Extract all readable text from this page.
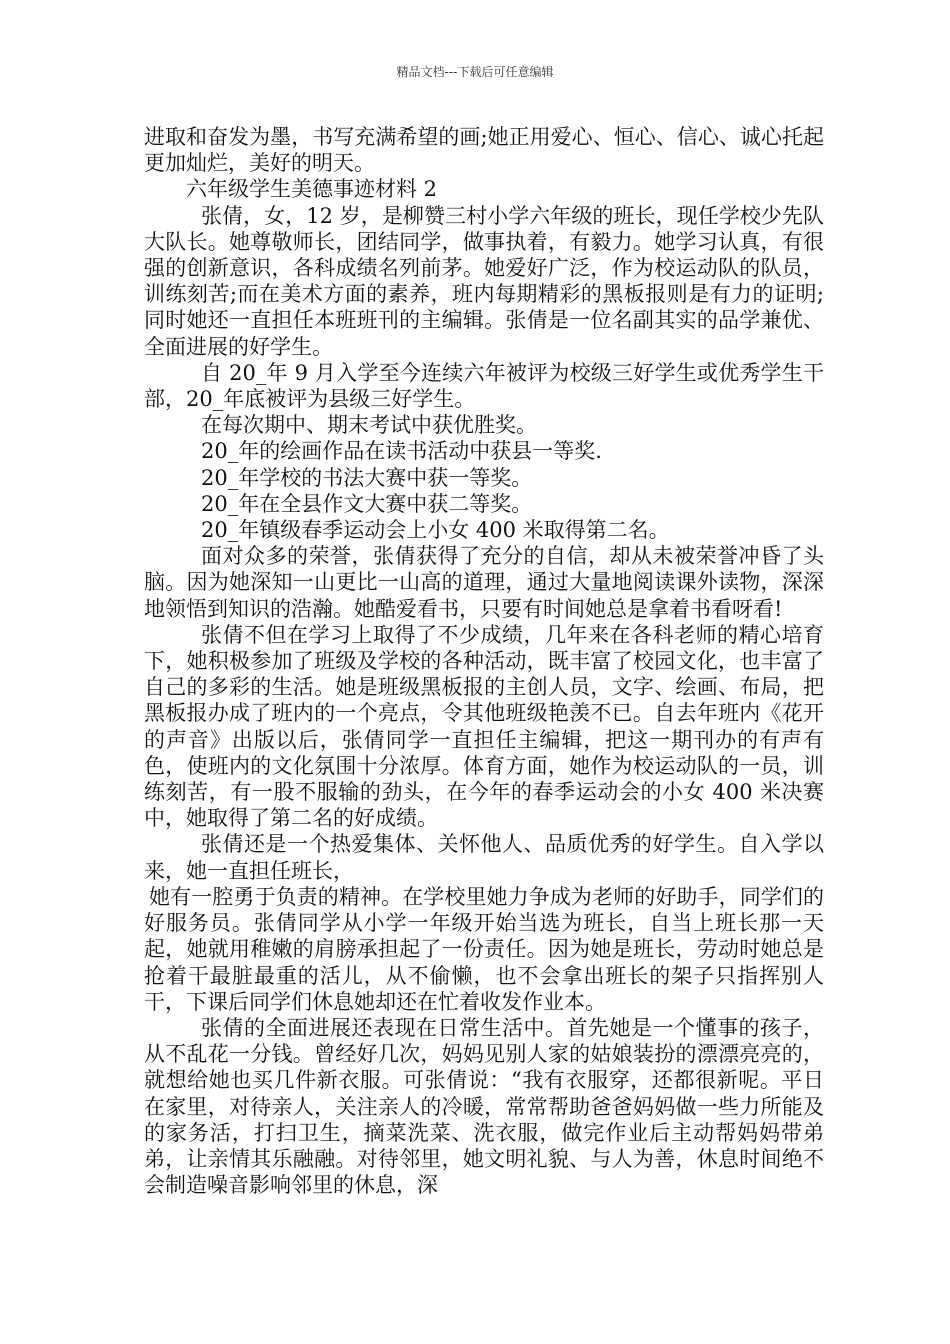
精品文档---下载后可任意编辑

进取和奋发为墨，书写充满希望的画;她正用爱心、恒心、信心、诚心托起更加灿烂，美好的明天。

六年级学生美德事迹材料 2

张倩，女，12 岁，是柳赞三村小学六年级的班长，现任学校少先队大队长。她尊敬师长，团结同学，做事执着，有毅力。她学习认真，有很强的创新意识，各科成绩名列前茅。她爱好广泛，作为校运动队的队员，训练刻苦;而在美术方面的素养，班内每期精彩的黑板报则是有力的证明;同时她还一直担任本班班刊的主编辑。张倩是一位名副其实的品学兼优、全面进展的好学生。

自 20_年 9 月入学至今连续六年被评为校级三好学生或优秀学生干部，20_年底被评为县级三好学生。

在每次期中、期末考试中获优胜奖。

20_年的绘画作品在读书活动中获县一等奖.

20_年学校的书法大赛中获一等奖。

20_年在全县作文大赛中获二等奖。

20_年镇级春季运动会上小女 400 米取得第二名。

面对众多的荣誉，张倩获得了充分的自信，却从未被荣誉冲昏了头脑。因为她深知一山更比一山高的道理，通过大量地阅读课外读物，深深地领悟到知识的浩瀚。她酷爱看书，只要有时间她总是拿着书看呀看!

张倩不但在学习上取得了不少成绩，几年来在各科老师的精心培育下，她积极参加了班级及学校的各种活动，既丰富了校园文化，也丰富了自己的多彩的生活。她是班级黑板报的主创人员，文字、绘画、布局，把黑板报办成了班内的一个亮点，令其他班级艳羡不已。自去年班内《花开的声音》出版以后，张倩同学一直担任主编辑，把这一期刊办的有声有色，使班内的文化氛围十分浓厚。体育方面，她作为校运动队的一员，训练刻苦，有一股不服输的劲头，在今年的春季运动会的小女 400 米决赛中，她取得了第二名的好成绩。

张倩还是一个热爱集体、关怀他人、品质优秀的好学生。自入学以来，她一直担任班长，

她有一腔勇于负责的精神。在学校里她力争成为老师的好助手，同学们的好服务员。张倩同学从小学一年级开始当选为班长，自当上班长那一天起，她就用稚嫩的肩膀承担起了一份责任。因为她是班长，劳动时她总是抢着干最脏最重的活儿，从不偷懒，也不会拿出班长的架子只指挥别人干，下课后同学们休息她却还在忙着收发作业本。

张倩的全面进展还表现在日常生活中。首先她是一个懂事的孩子，从不乱花一分钱。曾经好几次，妈妈见别人家的姑娘装扮的漂漂亮亮的，就想给她也买几件新衣服。可张倩说：“我有衣服穿，还都很新呢。平日在家里，对待亲人，关注亲人的冷暖，常常帮助爸爸妈妈做一些力所能及的家务活，打扫卫生，摘菜洗菜、洗衣服，做完作业后主动帮妈妈带弟弟，让亲情其乐融融。对待邻里，她文明礼貌、与人为善，休息时间绝不会制造噪音影响邻里的休息，深
